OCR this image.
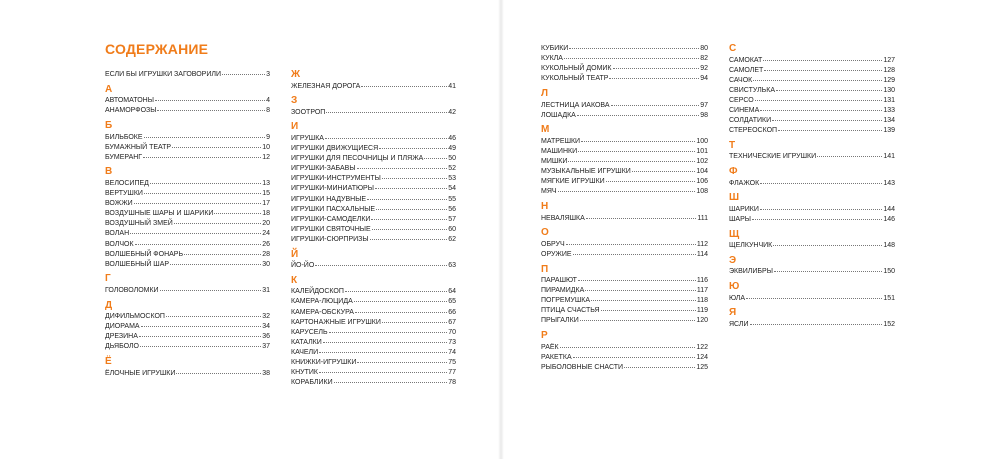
СОДЕРЖАНИЕ
ЕСЛИ БЫ ИГРУШКИ ЗАГОВОРИЛИ	3
А
АВТОМАТОНЫ	4
АНАМОРФОЗЫ	8
Б
БИЛЬБОКЕ	9
БУМАЖНЫЙ ТЕАТР	10
БУМЕРАНГ	12
В
ВЕЛОСИПЕД	13
ВЕРТУШКИ	15
ВОЖЖИ	17
ВОЗДУШНЫЕ ШАРЫ И ШАРИКИ	18
ВОЗДУШНЫЙ ЗМЕЙ	20
ВОЛАН	24
ВОЛЧОК	26
ВОЛШЕБНЫЙ ФОНАРЬ	28
ВОЛШЕБНЫЙ ШАР	30
Г
ГОЛОВОЛОМКИ	31
Д
ДИФИЛЬМОСКОП	32
ДИОРАМА	34
ДРЕЗИНА	36
ДЬЯБОЛО	37
Ё
ЁЛОЧНЫЕ ИГРУШКИ	38
Ж
ЖЕЛЕЗНАЯ ДОРОГА	41
З
ЗООТРОП	42
И
ИГРУШКА	46
ИГРУШКИ ДВИЖУЩИЕСЯ	49
ИГРУШКИ ДЛЯ ПЕСОЧНИЦЫ И ПЛЯЖА	50
ИГРУШКИ-ЗАБАВЫ	52
ИГРУШКИ-ИНСТРУМЕНТЫ	53
ИГРУШКИ-МИНИАТЮРЫ	54
ИГРУШКИ НАДУВНЫЕ	55
ИГРУШКИ ПАСХАЛЬНЫЕ	56
ИГРУШКИ-САМОДЕЛКИ	57
ИГРУШКИ СВЯТОЧНЫЕ	60
ИГРУШКИ-СЮРПРИЗЫ	62
Й
ЙО-ЙО	63
К
КАЛЕЙДОСКОП	64
КАМЕРА-ЛЮЦИДА	65
КАМЕРА-ОБСКУРА	66
КАРТОНАЖНЫЕ ИГРУШКИ	67
КАРУСЕЛЬ	70
КАТАЛКИ	73
КАЧЕЛИ	74
КНИЖКИ-ИГРУШКИ	75
КНУТИК	77
КОРАБЛИКИ	78
КУБИКИ	80
КУКЛА	82
КУКОЛЬНЫЙ ДОМИК	92
КУКОЛЬНЫЙ ТЕАТР	94
Л
ЛЕСТНИЦА ИАКОВА	97
ЛОШАДКА	98
М
МАТРЕШКИ	100
МАШИНКИ	101
МИШКИ	102
МУЗЫКАЛЬНЫЕ ИГРУШКИ	104
МЯГКИЕ ИГРУШКИ	106
МЯЧ	108
Н
НЕВАЛЯШКА	111
О
ОБРУЧ	112
ОРУЖИЕ	114
П
ПАРАШЮТ	116
ПИРАМИДКА	117
ПОГРЕМУШКА	118
ПТИЦА СЧАСТЬЯ	119
ПРЫГАЛКИ	120
Р
РАЁК	122
РАКЕТКА	124
РЫБОЛОВНЫЕ СНАСТИ	125
С
САМОКАТ	127
САМОЛЕТ	128
САЧОК	129
СВИСТУЛЬКА	130
СЕРСО	131
СИНЕМА	133
СОЛДАТИКИ	134
СТЕРЕОСКОП	139
Т
ТЕХНИЧЕСКИЕ ИГРУШКИ	141
Ф
ФЛАЖОК	143
Ш
ШАРИКИ	144
ШАРЫ	146
Щ
ЩЕЛКУНЧИК	148
Э
ЭКВИЛИБРЫ	150
Ю
ЮЛА	151
Я
ЯСЛИ	152
